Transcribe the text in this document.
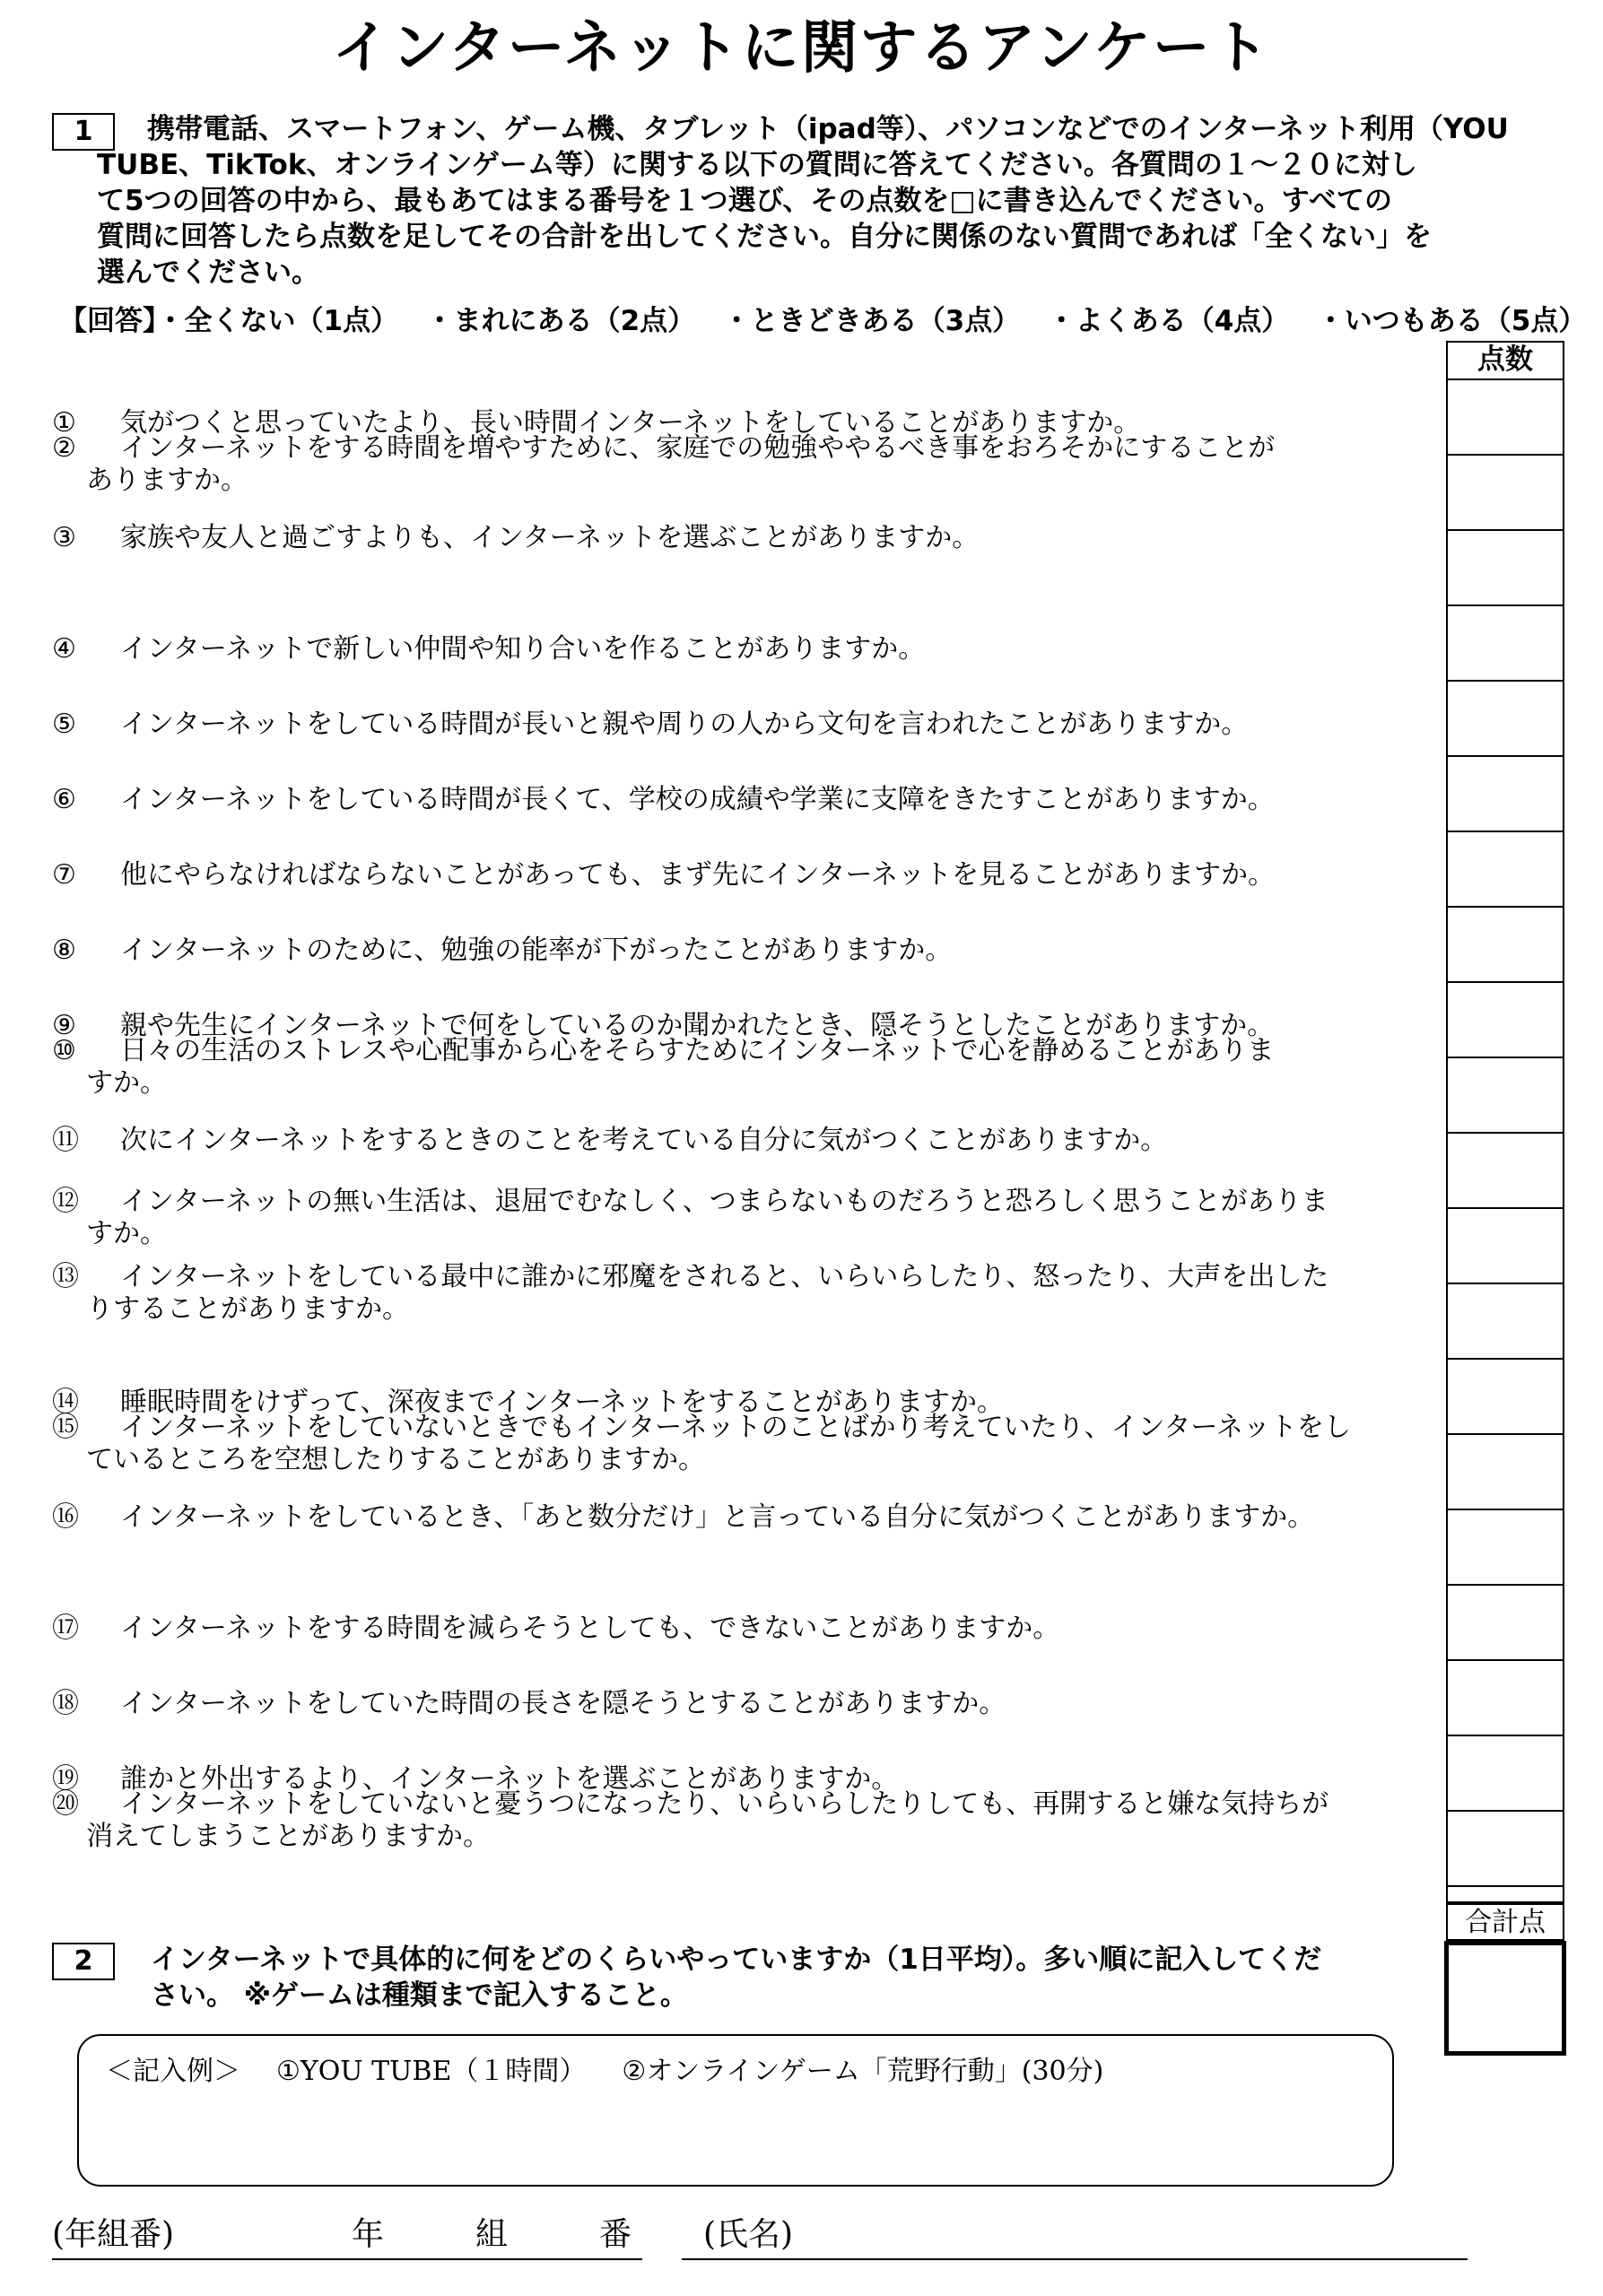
インターネットに関するアンケート
1	携帯電話、スマートフォン、ゲーム機、タブレット（ipad等）、パソコンなどでのインターネット利用（YOU
TUBE、TikTok、オンラインゲーム等）に関する以下の質問に答えてください。各質問の１～２０に対し
て5つの回答の中から、最もあてはまる番号を１つ選び、その点数を□に書き込んでください。すべての
質問に回答したら点数を足してその合計を出してください。自分に関係のない質問であれば「全くない」を
選んでください。
【回答】・全くない（1点） ・まれにある（2点） ・ときどきある（3点） ・よくある（4点） ・いつもある（5点）
点数
① 気がつくと思っていたより、長い時間インターネットをしていることがありますか。
② インターネットをする時間を増やすために、家庭での勉強ややるべき事をおろそかにすることが
ありますか。
③ 家族や友人と過ごすよりも、インターネットを選ぶことがありますか。
④ インターネットで新しい仲間や知り合いを作ることがありますか。
⑤ インターネットをしている時間が長いと親や周りの人から文句を言われたことがありますか。
⑥ インターネットをしている時間が長くて、学校の成績や学業に支障をきたすことがありますか。
⑦ 他にやらなければならないことがあっても、まず先にインターネットを見ることがありますか。
⑧ インターネットのために、勉強の能率が下がったことがありますか。
⑨ 親や先生にインターネットで何をしているのか聞かれたとき、隠そうとしたことがありますか。
⑩ 日々の生活のストレスや心配事から心をそらすためにインターネットで心を静めることがありま
すか。
⑪ 次にインターネットをするときのことを考えている自分に気がつくことがありますか。
⑫ インターネットの無い生活は、退屈でむなしく、つまらないものだろうと恐ろしく思うことがありま
すか。
⑬ インターネットをしている最中に誰かに邪魔をされると、いらいらしたり、怒ったり、大声を出した
りすることがありますか。
⑭ 睡眠時間をけずって、深夜までインターネットをすることがありますか。
⑮ インターネットをしていないときでもインターネットのことばかり考えていたり、インターネットをし
ているところを空想したりすることがありますか。
⑯ インターネットをしているとき、「あと数分だけ」と言っている自分に気がつくことがありますか。
⑰ インターネットをする時間を減らそうとしても、できないことがありますか。
⑱ インターネットをしていた時間の長さを隠そうとすることがありますか。
⑲ 誰かと外出するより、インターネットを選ぶことがありますか。
⑳ インターネットをしていないと憂うつになったり、いらいらしたりしても、再開すると嫌な気持ちが
消えてしまうことがありますか。
合計点
2	インターネットで具体的に何をどのくらいやっていますか（1日平均）。多い順に記入してくだ
さい。 ※ゲームは種類まで記入すること。
＜記入例＞ ①YOU TUBE（１時間） ②オンラインゲーム「荒野行動」(30分)
(年組番)	年	組	番 (氏名)
